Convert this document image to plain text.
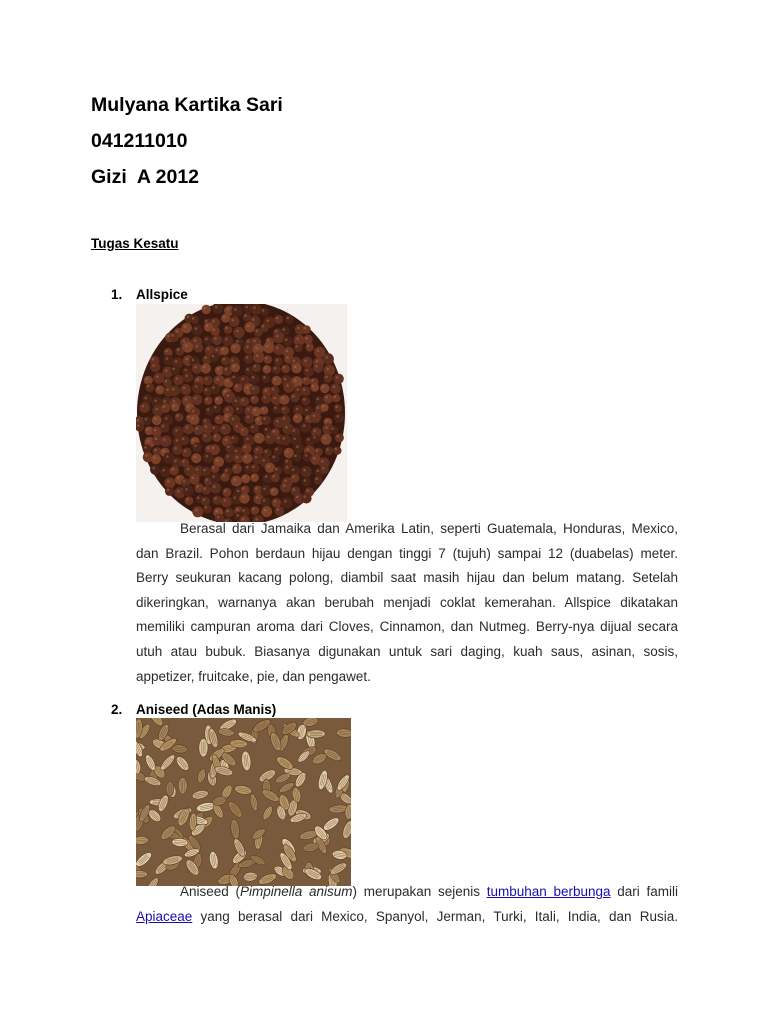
Mulyana Kartika Sari
041211010
Gizi  A 2012
Tugas Kesatu
1. Allspice
Berasal dari Jamaika dan Amerika Latin, seperti Guatemala, Honduras, Mexico,
dan Brazil. Pohon berdaun hijau dengan tinggi 7 (tujuh) sampai 12 (duabelas) meter.
Berry seukuran kacang polong, diambil saat masih hijau dan belum matang. Setelah
dikeringkan, warnanya akan berubah menjadi coklat kemerahan. Allspice dikatakan
memiliki campuran aroma dari Cloves, Cinnamon, dan Nutmeg. Berry-nya dijual secara
utuh atau bubuk. Biasanya digunakan untuk sari daging, kuah saus, asinan, sosis,
appetizer, fruitcake, pie, dan pengawet.
2. Aniseed (Adas Manis)
Aniseed (Pimpinella anisum) merupakan sejenis tumbuhan berbunga dari famili
Apiaceae yang berasal dari Mexico, Spanyol, Jerman, Turki, Itali, India, dan Rusia.
